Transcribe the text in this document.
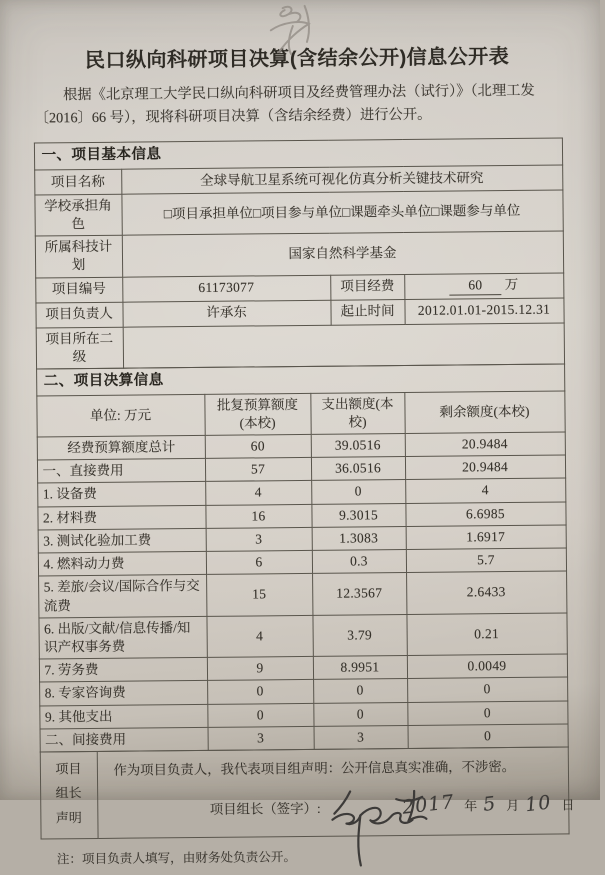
民口纵向科研项目决算(含结余公开)信息公开表
根据《北京理工大学民口纵向科研项目及经费管理办法（试行）》（北理工发〔2016〕66 号），现将科研项目决算（含结余经费）进行公开。
一、项目基本信息			
项目名称	全球导航卫星系统可视化仿真分析关键技术研究		
学校承担角色	□项目承担单位□项目参与单位□课题牵头单位□课题参与单位		
所属科技计划	国家自然科学基金		
项目编号	61173077	项目经费	60 万
项目负责人	许承东	起止时间	2012.01.01-2015.12.31
项目所在二级			
二、项目决算信息			
单位: 万元	批复预算额度(本校)	支出额度(本校)	剩余额度(本校)
经费预算额度总计	60	39.0516	20.9484
一、直接费用	57	36.0516	20.9484
1. 设备费	4	0	4
2. 材料费	16	9.3015	6.6985
3. 测试化验加工费	3	1.3083	1.6917
4. 燃料动力费	6	0.3	5.7
5. 差旅/会议/国际合作与交流费	15	12.3567	2.6433
6. 出版/文献/信息传播/知识产权事务费	4	3.79	0.21
7. 劳务费	9	8.9951	0.0049
8. 专家咨询费	0	0	0
9. 其他支出	0	0	0
二、间接费用	3	3	0
项目
组长
声明

作为项目负责人，我代表项目组声明：公开信息真实准确，不涉密。
项目组长（签字）:	2017 年 5 月 10 日
注：项目负责人填写，由财务处负责公开。
